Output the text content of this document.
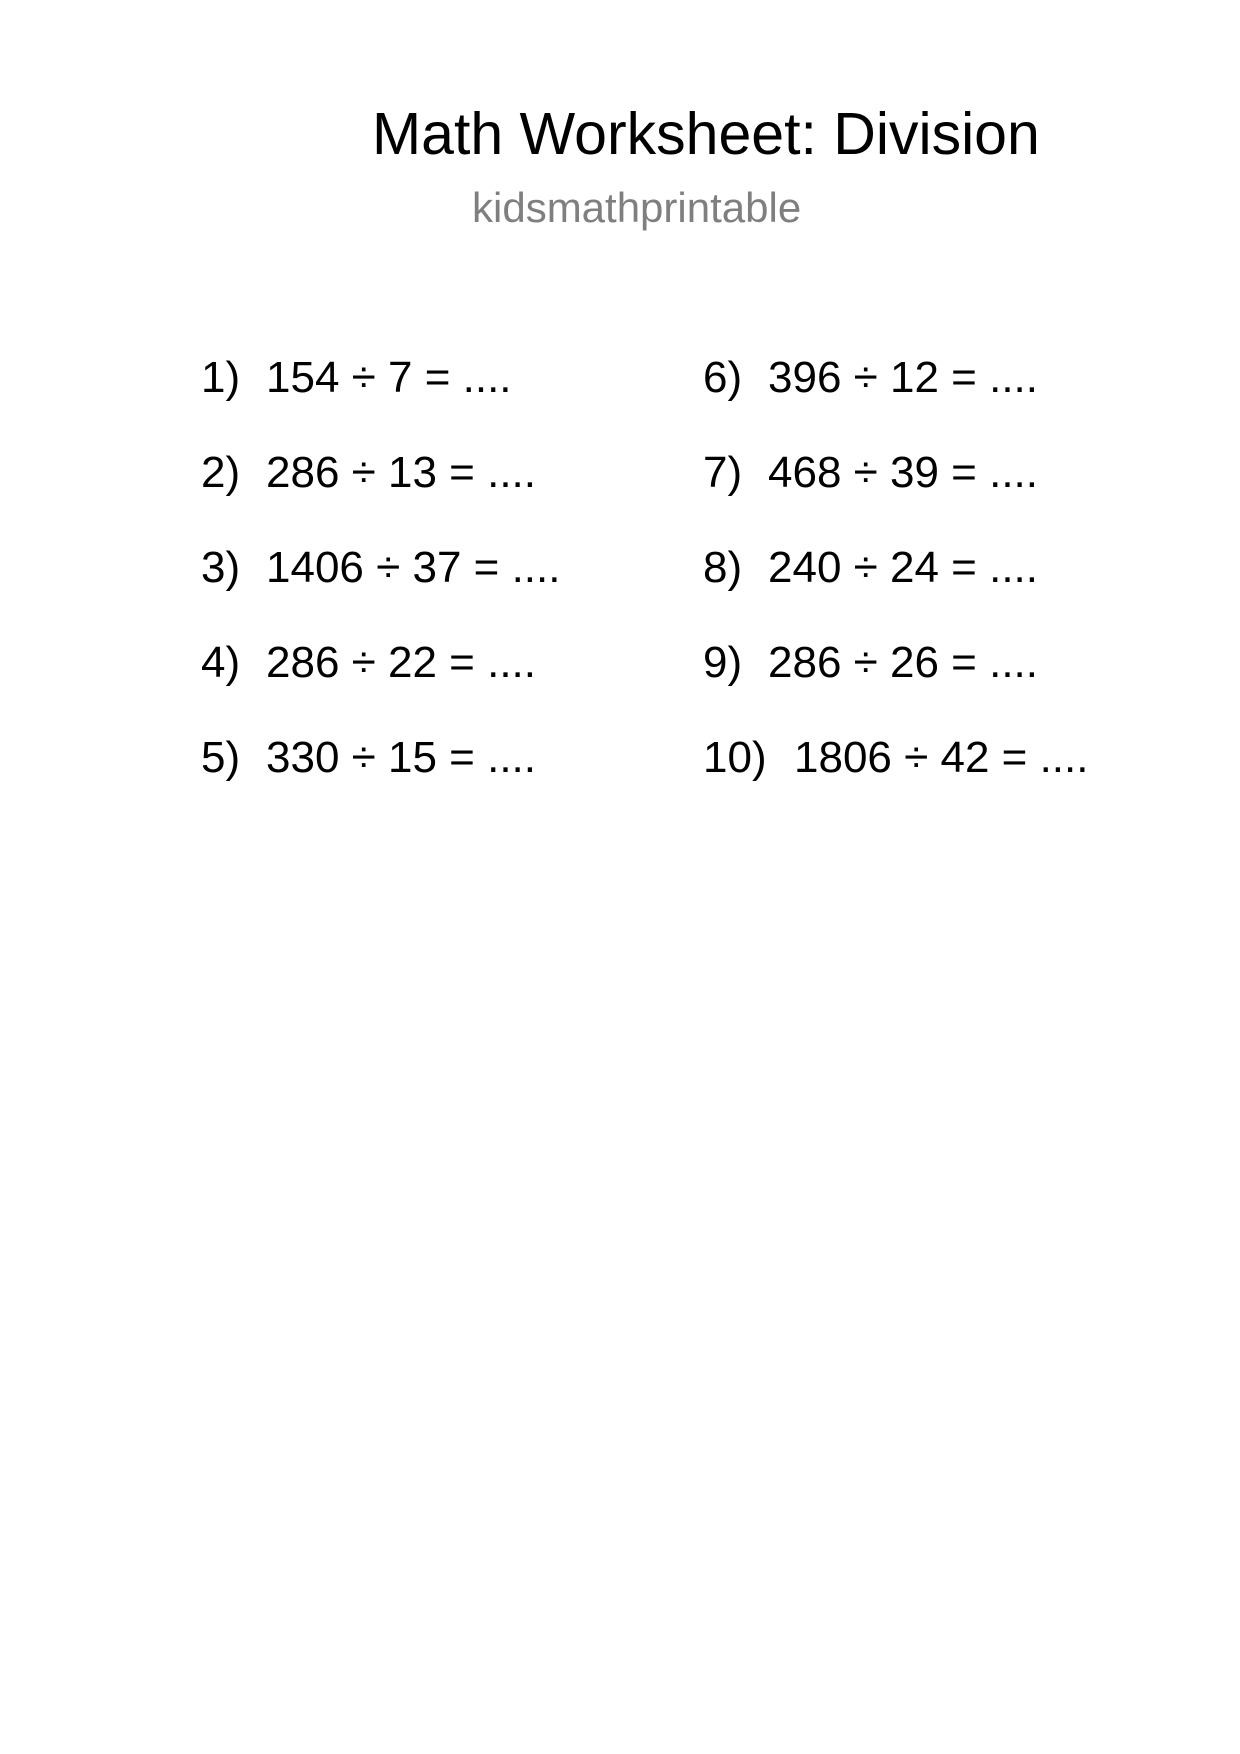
Math Worksheet: Division
kidsmathprintable
1) 154 ÷ 7 = ....
2) 286 ÷ 13 = ....
3) 1406 ÷ 37 = ....
4) 286 ÷ 22 = ....
5) 330 ÷ 15 = ....
6) 396 ÷ 12 = ....
7) 468 ÷ 39 = ....
8) 240 ÷ 24 = ....
9) 286 ÷ 26 = ....
10) 1806 ÷ 42 = ....
